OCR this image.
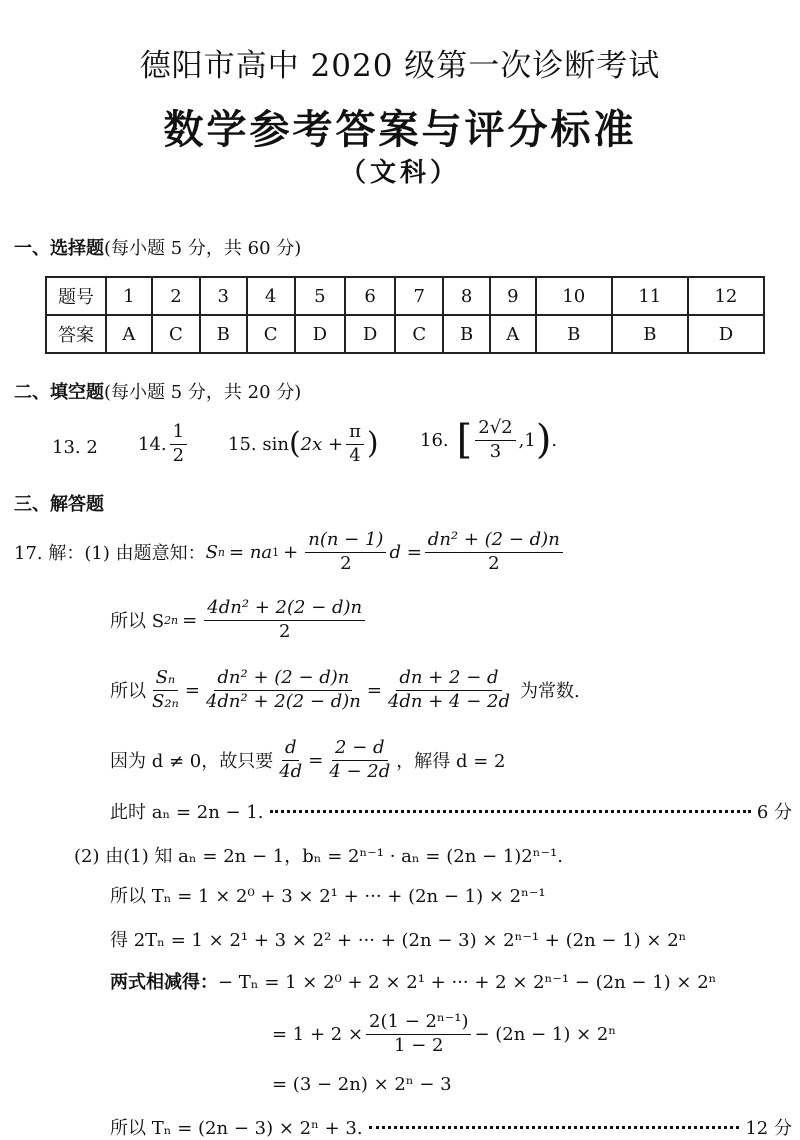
德阳市高中 2020 级第一次诊断考试
数学参考答案与评分标准
（文科）
一、选择题(每小题 5 分，共 60 分)
题号	1	2	3	4	5	6	7	8	9	10	11	12
答案	A	C	B	C	D	D	C	B	A	B	B	D
二、填空题(每小题 5 分，共 20 分)
13. 2 14. $\frac{1}{2} 15$. sin ( $2x + \frac{\pi}{4}$ ) 16. [ $\frac{2√2}{3} ,1$ ) .
三、解答题
17. 解：(1) 由题意知： S n = na $1 + \frac{n(n - 1)}{2}$ $d = \frac{\text{dn² + (2 − d)n}}{2}$
所以 S $2n = \frac{\text{4dn² + 2(2 − d)n}}{2}$
所以 $\frac{\text{Sₙ}}{\text{S₂ₙ}} = \frac{\text{dn² + (2 − d)n}}{\text{4dn² + 2(2 − d)n}} = \frac{dn + 2 - d}{4dn + 4 - 2d}$ 为常数.
因为 d ≠ 0，故只要 $\frac{d}{4d} = \frac{2 - d}{4 - 2d}$ ，解得 d = 2
此时 aₙ = 2n − 1.	6 分
(2) 由(1) 知 aₙ = 2n − 1，bₙ = 2ⁿ⁻¹ · aₙ = (2n − 1)2ⁿ⁻¹.
所以 Tₙ = 1 × 2⁰ + 3 × 2¹ + ··· + (2n − 1) × 2ⁿ⁻¹
得 2Tₙ = 1 × 2¹ + 3 × 2² + ··· + (2n − 3) × 2ⁿ⁻¹ + (2n − 1) × 2ⁿ
两式相减得：− Tₙ = 1 × 2⁰ + 2 × 2¹ + ··· + 2 × 2ⁿ⁻¹ − (2n − 1) × 2ⁿ
= $1 + 2 \times \frac{\text{2(1 − 2ⁿ⁻¹)}}{1 - 2} - (2n - 1) \times 2^n$
= (3 − 2n) × 2ⁿ − 3
所以 Tₙ = (2n − 3) × 2ⁿ + 3.	12 分
